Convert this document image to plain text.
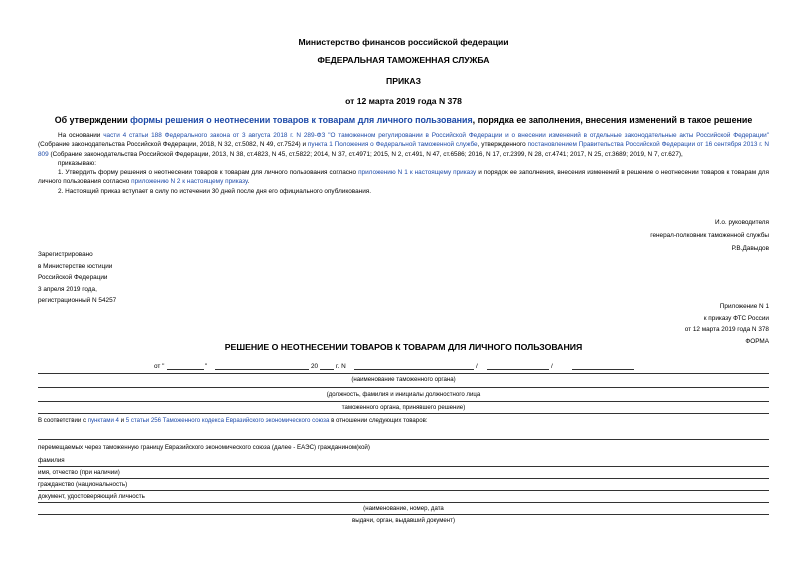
Министерство финансов российской федерации
ФЕДЕРАЛЬНАЯ ТАМОЖЕННАЯ СЛУЖБА
ПРИКАЗ
от 12 марта 2019 года N 378
Об утверждении формы решения о неотнесении товаров к товарам для личного пользования, порядка ее заполнения, внесения изменений в такое решение

На основании части 4 статьи 188 Федерального закона от 3 августа 2018 г. N 289-ФЗ "О таможенном регулировании в Российской Федерации и о внесении изменений в отдельные законодательные акты Российской Федерации" (Собрание законодательства Российской Федерации, 2018, N 32, ст.5082, N 49, ст.7524) и пункта 1 Положения о Федеральной таможенной службе, утвержденного постановлением Правительства Российской Федерации от 16 сентября 2013 г. N 809 (Собрание законодательства Российской Федерации, 2013, N 38, ст.4823, N 45, ст.5822; 2014, N 37, ст.4971; 2015, N 2, ст.491, N 47, ст.6586; 2016, N 17, ст.2399, N 28, ст.4741; 2017, N 25, ст.3689; 2019, N 7, ст.627),

приказываю:

1. Утвердить форму решения о неотнесении товаров к товарам для личного пользования согласно приложению N 1 к настоящему приказу и порядок ее заполнения, внесения изменений в решение о неотнесении товаров к товарам для личного пользования согласно приложению N 2 к настоящему приказу.

2. Настоящий приказ вступает в силу по истечении 30 дней после дня его официального опубликования.

И.о. руководителя
генерал-полковник таможенной службы
Р.В.Давыдов
Зарегистрировано
в Министерстве юстиции
Российской Федерации
3 апреля 2019 года,
регистрационный N 54257
Приложение N 1
к приказу ФТС России
от 12 марта 2019 года N 378
ФОРМА
РЕШЕНИЕ О НЕОТНЕСЕНИИ ТОВАРОВ К ТОВАРАМ ДЛЯ ЛИЧНОГО ПОЛЬЗОВАНИЯ
от "	"	20	г. N	/	/
(наименование таможенного органа)
(должность, фамилия и инициалы должностного лица
таможенного органа, принявшего решение)
В соответствии с пунктами 4 и 5 статьи 256 Таможенного кодекса Евразийского экономического союза в отношении следующих товаров:
перемещаемых через таможенную границу Евразийского экономического союза (далее - ЕАЭС) гражданином(кой)
фамилия
имя, отчество (при наличии)
гражданство (национальность)
документ, удостоверяющий личность
(наименование, номер, дата
выдачи, орган, выдавший документ)
